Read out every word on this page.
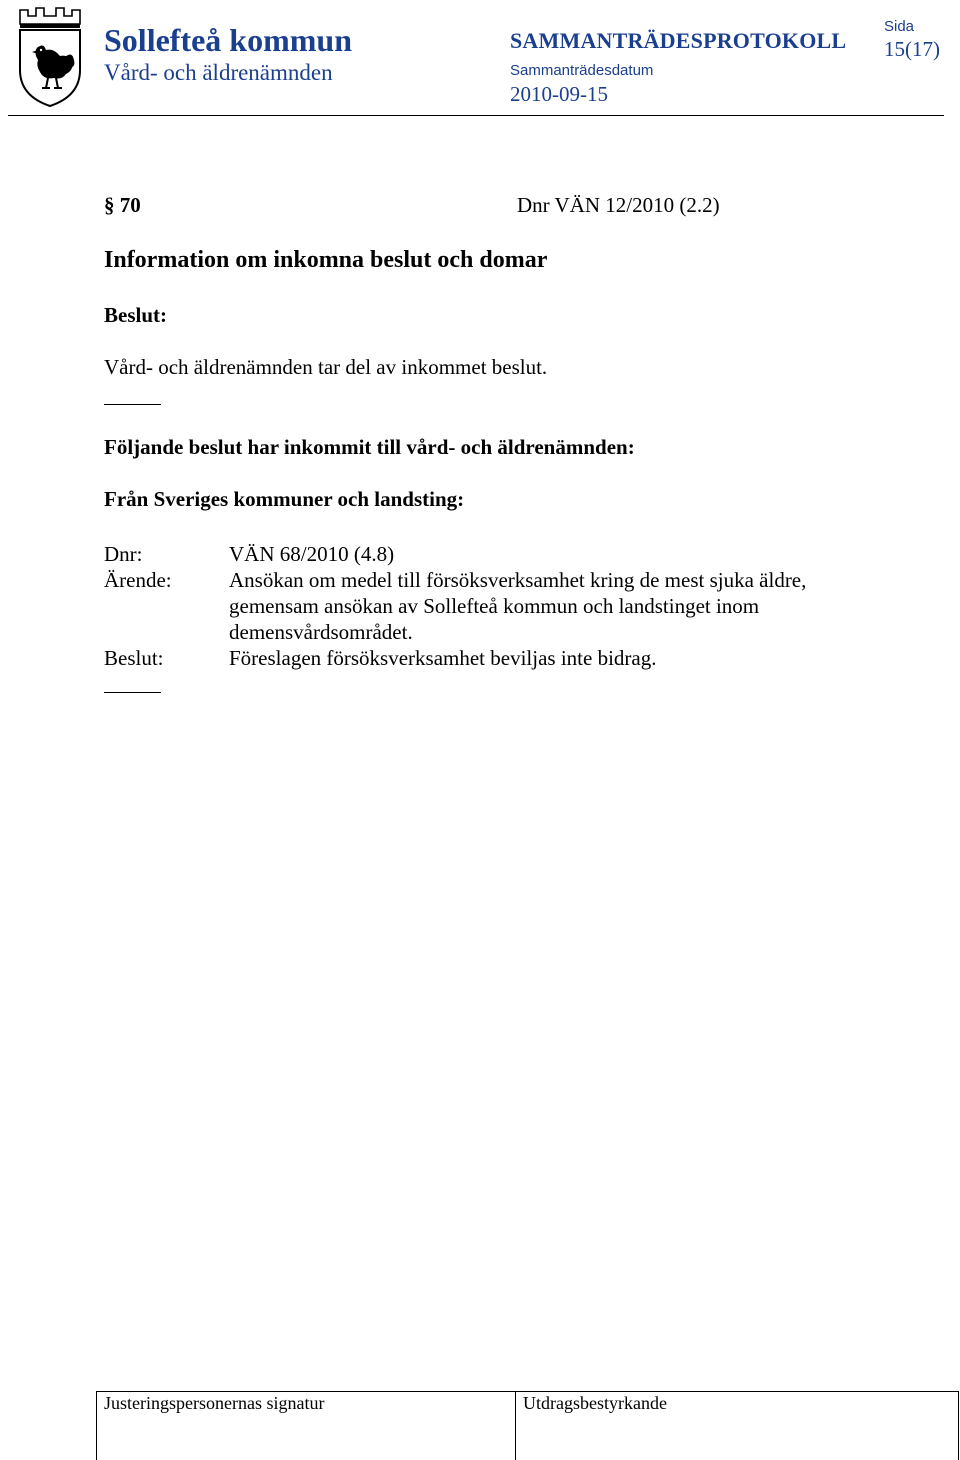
Sollefteå kommun
Vård- och äldrenämnden
SAMMANTRÄDESPROTOKOLL
Sammanträdesdatum
2010-09-15
Sida
15(17)
§ 70	Dnr VÄN 12/2010 (2.2)
Information om inkomna beslut och domar
Beslut:
Vård- och äldrenämnden tar del av inkommet beslut.
Följande beslut har inkommit till vård- och äldrenämnden:
Från Sveriges kommuner och landsting:
Dnr:	VÄN 68/2010 (4.8)
Ärende:	Ansökan om medel till försöksverksamhet kring de mest sjuka äldre,
gemensam ansökan av Sollefteå kommun och landstinget inom
demensvårdsområdet.
Beslut:	Föreslagen försöksverksamhet beviljas inte bidrag.
Justeringspersonernas signatur	Utdragsbestyrkande
